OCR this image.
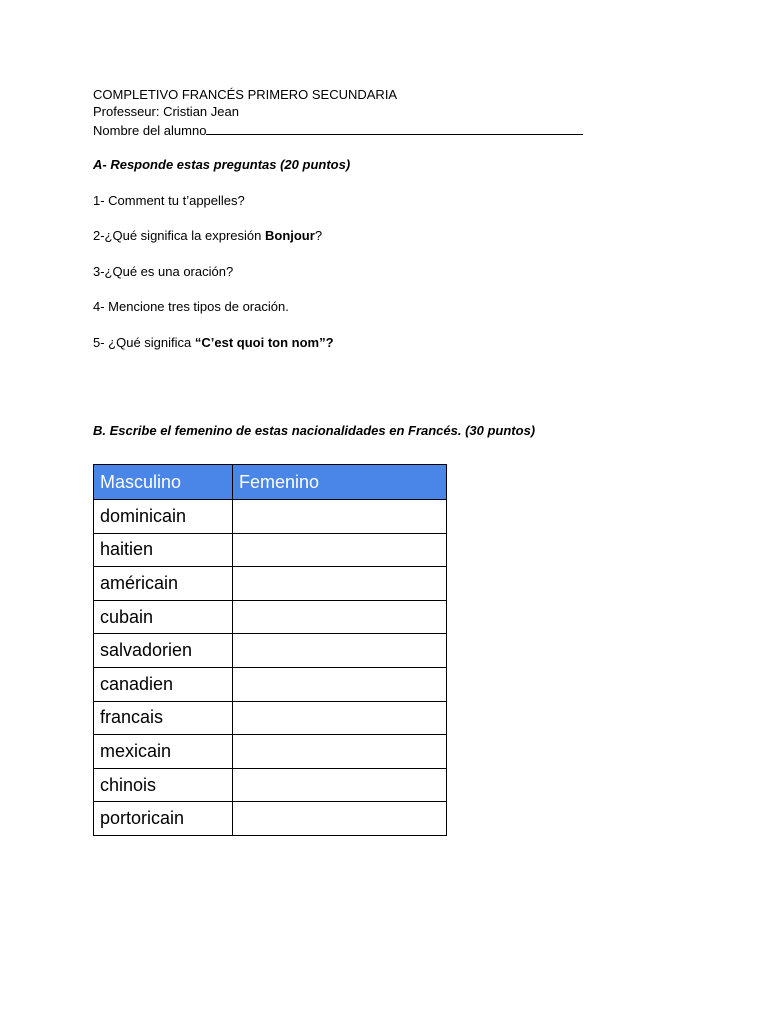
COMPLETIVO FRANCÉS PRIMERO SECUNDARIA
Professeur: Cristian Jean
Nombre del alumno
A- Responde estas preguntas (20 puntos)
1- Comment tu t’appelles?
2-¿Qué significa la expresión Bonjour?
3-¿Qué es una oración?
4- Mencione tres tipos de oración.
5- ¿Qué significa “C’est quoi ton nom”?
B. Escribe el femenino de estas nacionalidades en Francés. (30 puntos)
Masculino	Femenino
dominicain	
haitien	
américain	
cubain	
salvadorien	
canadien	
francais	
mexicain	
chinois	
portoricain	
